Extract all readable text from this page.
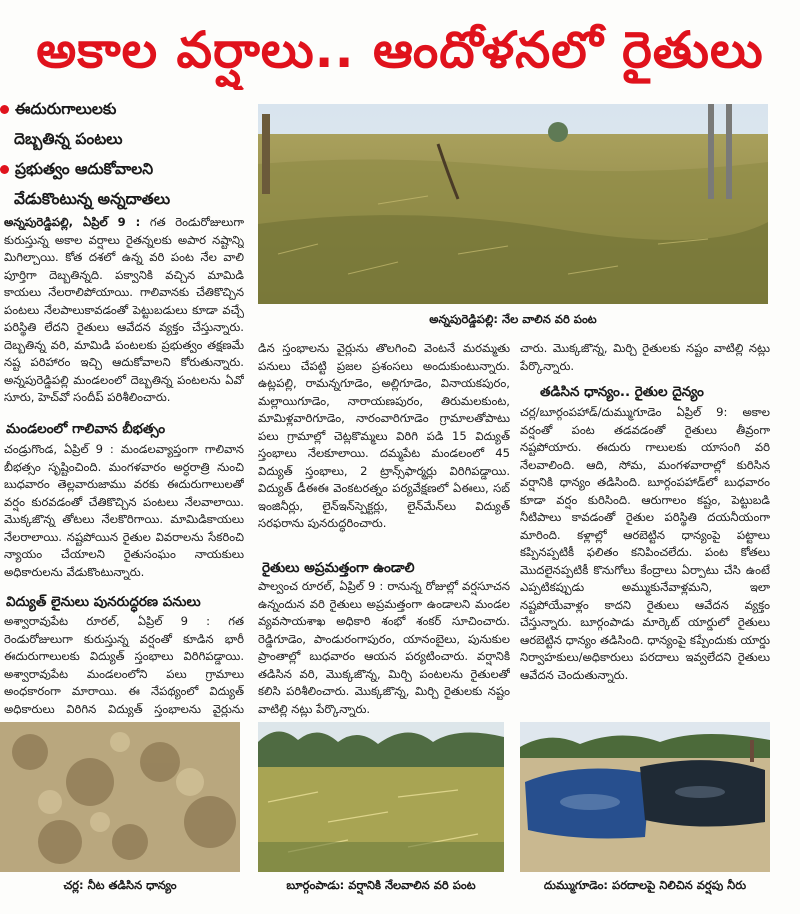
అకాల వర్షాలు.. ఆందోళనలో రైతులు
ఈదురుగాలులకు
దెబ్బతిన్న పంటలు
ప్రభుత్వం ఆదుకోవాలని
వేడుకొంటున్న అన్నదాతలు

అన్నపురెడ్డిపల్లి, ఏప్రిల్ 9 : గత రెండురోజులుగా కురుస్తున్న అకాల వర్షాలు రైతన్నలకు అపార నష్టాన్ని మిగిల్చాయి. కోత దశలో ఉన్న వరి పంట నేల వాలి పూర్తిగా దెబ్బతిన్నది. పక్వానికి వచ్చిన మామిడి కాయలు నేలరాలిపోయాయి. గాలివానకు చేతికొచ్చిన పంటలు నేలపాలుకావడంతో పెట్టుబడులు కూడా వచ్చే పరిస్థితి లేదని రైతులు ఆవేదన వ్యక్తం చేస్తున్నారు. దెబ్బతిన్న వరి, మామిడి పంటలకు ప్రభుత్వం తక్షణమే నష్ట పరిహారం ఇచ్చి ఆదుకోవాలని కోరుతున్నారు. అన్నపురెడ్డిపల్లి మండలంలో దెబ్బతిన్న పంటలను ఏవో సూరు, హెచ్‌వో సందీప్ పరిశీలించారు.

మండలంలో గాలివాన బీభత్సం

చండ్రుగొండ, ఏప్రిల్ 9 : మండలవ్యాప్తంగా గాలివాన బీభత్సం సృష్టించింది. మంగళవారం అర్ధరాత్రి నుంచి బుధవారం తెల్లవారుజాము వరకు ఈదురుగాలులతో వర్షం కురవడంతో చేతికొచ్చిన పంటలు నేలవాలాయి. మొక్కజొన్న తోటలు నేలకొరిగాయి. మామిడికాయలు నేలరాలాయి. నష్టపోయిన రైతుల వివరాలను సేకరించి న్యాయం చేయాలని రైతుసంఘం నాయకులు అధికారులను వేడుకొంటున్నారు.

విద్యుత్ లైనులు పునరుద్ధరణ పనులు

అశ్వారావుపేట రూరల్, ఏప్రిల్ 9 : గత రెండురోజులుగా కురుస్తున్న వర్షంతో కూడిన భారీ ఈదురుగాలులకు విద్యుత్ స్తంభాలు విరిగిపడ్డాయి. అశ్వారావుపేట మండలంలోని పలు గ్రామాలు అంధకారంగా మారాయి. ఈ నేపథ్యంలో విద్యుత్ అధికారులు విరిగిన విద్యుత్ స్తంభాలను వైర్లును

అన్నపురెడ్డిపల్లి: నేల వాలిన వరి పంట

డిన స్తంభాలను వైర్లును తొలగించి వెంటనే మరమ్మతు పనులు చేపట్టి ప్రజల ప్రశంసలు అందుకుంటున్నారు. ఉట్లపల్లి, రామన్నగూడెం, అల్లిగూడెం, వినాయకపురం, మల్లాయిగూడెం, నారాయణపురం, తిరుమలకుంట, మామిళ్లవారిగూడెం, నారంవారిగూడెం గ్రామాలతోపాటు పలు గ్రామాల్లో చెట్లకొమ్మలు విరిగి పడి 15 విద్యుత్ స్తంభాలు నేలకూలాయి. దమ్మపేట మండలంలో 45 విద్యుత్ స్తంభాలు, 2 ట్రాన్స్‌ఫార్మర్లు విరిగిపడ్డాయి. విద్యుత్ డీఈఈ వెంకటరత్నం పర్యవేక్షణలో ఏఈలు, సబ్ ఇంజినీర్లు, లైన్‌ఇన్‌స్పెక్టర్లు, లైన్‌మేన్‌లు విద్యుత్ సరఫరాను పునరుద్ధరించారు.

రైతులు అప్రమత్తంగా ఉండాలి

పాల్వంచ రూరల్, ఏప్రిల్ 9 : రానున్న రోజుల్లో వర్షసూచన ఉన్నందున వరి రైతులు అప్రమత్తంగా ఉండాలని మండల వ్యవసాయశాఖ అధికారి శంభో శంకర్ సూచించారు. రెడ్డిగూడెం, పాండురంగాపురం, యానంబైలు, పునుకుల ప్రాంతాల్లో బుధవారం ఆయన పర్యటించారు. వర్షానికి తడిసిన వరి, మొక్కజొన్న, మిర్చి పంటలను రైతులతో కలిసి పరిశీలించారు. మొక్కజొన్న, మిర్చి రైతులకు నష్టం వాటిల్లి నట్లు పేర్కొన్నారు.

చారు. మొక్కజొన్న, మిర్చి రైతులకు నష్టం వాటిల్లి నట్లు పేర్కొన్నారు.

తడిసిన ధాన్యం.. రైతుల దైన్యం

చర్ల/బూర్గంపహాడ్/దుమ్ముగూడెం ఏప్రిల్ 9: అకాల వర్షంతో పంట తడవడంతో రైతులు తీవ్రంగా నష్టపోయారు. ఈదురు గాలులకు యాసంగి వరి నేలవాలింది. ఆది, సోమ, మంగళవారాల్లో కురిసిన వర్షానికి ధాన్యం తడిసింది. బూర్గంపహాడ్‌లో బుధవారం కూడా వర్షం కురిసింది. ఆరుగాలం కష్టం, పెట్టుబడి నీటిపాలు కావడంతో రైతుల పరిస్థితి దయనీయంగా మారింది. కళ్లాల్లో ఆరబెట్టిన ధాన్యంపై పట్టాలు కప్పినప్పటికీ ఫలితం కనిపించలేదు. పంట కోతలు మొదలైనప్పటికీ కొనుగోలు కేంద్రాలు ఏర్పాటు చేసి ఉంటే ఎప్పటికప్పుడు అమ్ముకునేవాళ్లమని, ఇలా నష్టపోయేవాళ్లం కాదని రైతులు ఆవేదన వ్యక్తం చేస్తున్నారు. బూర్గంపాడు మార్కెట్ యార్డులో రైతులు ఆరబెట్టిన ధాన్యం తడిసింది. ధాన్యంపై కప్పేందుకు యార్డు నిర్వాహకులు/అధికారులు పరదాలు ఇవ్వలేదని రైతులు ఆవేదన చెందుతున్నారు.

చర్ల: నీట తడిసిన ధాన్యం	బూర్గంపాడు: వర్షానికి నేలవాలిన వరి పంట	దుమ్ముగూడెం: పరదాలపై నిలిచిన వర్షపు నీరు
